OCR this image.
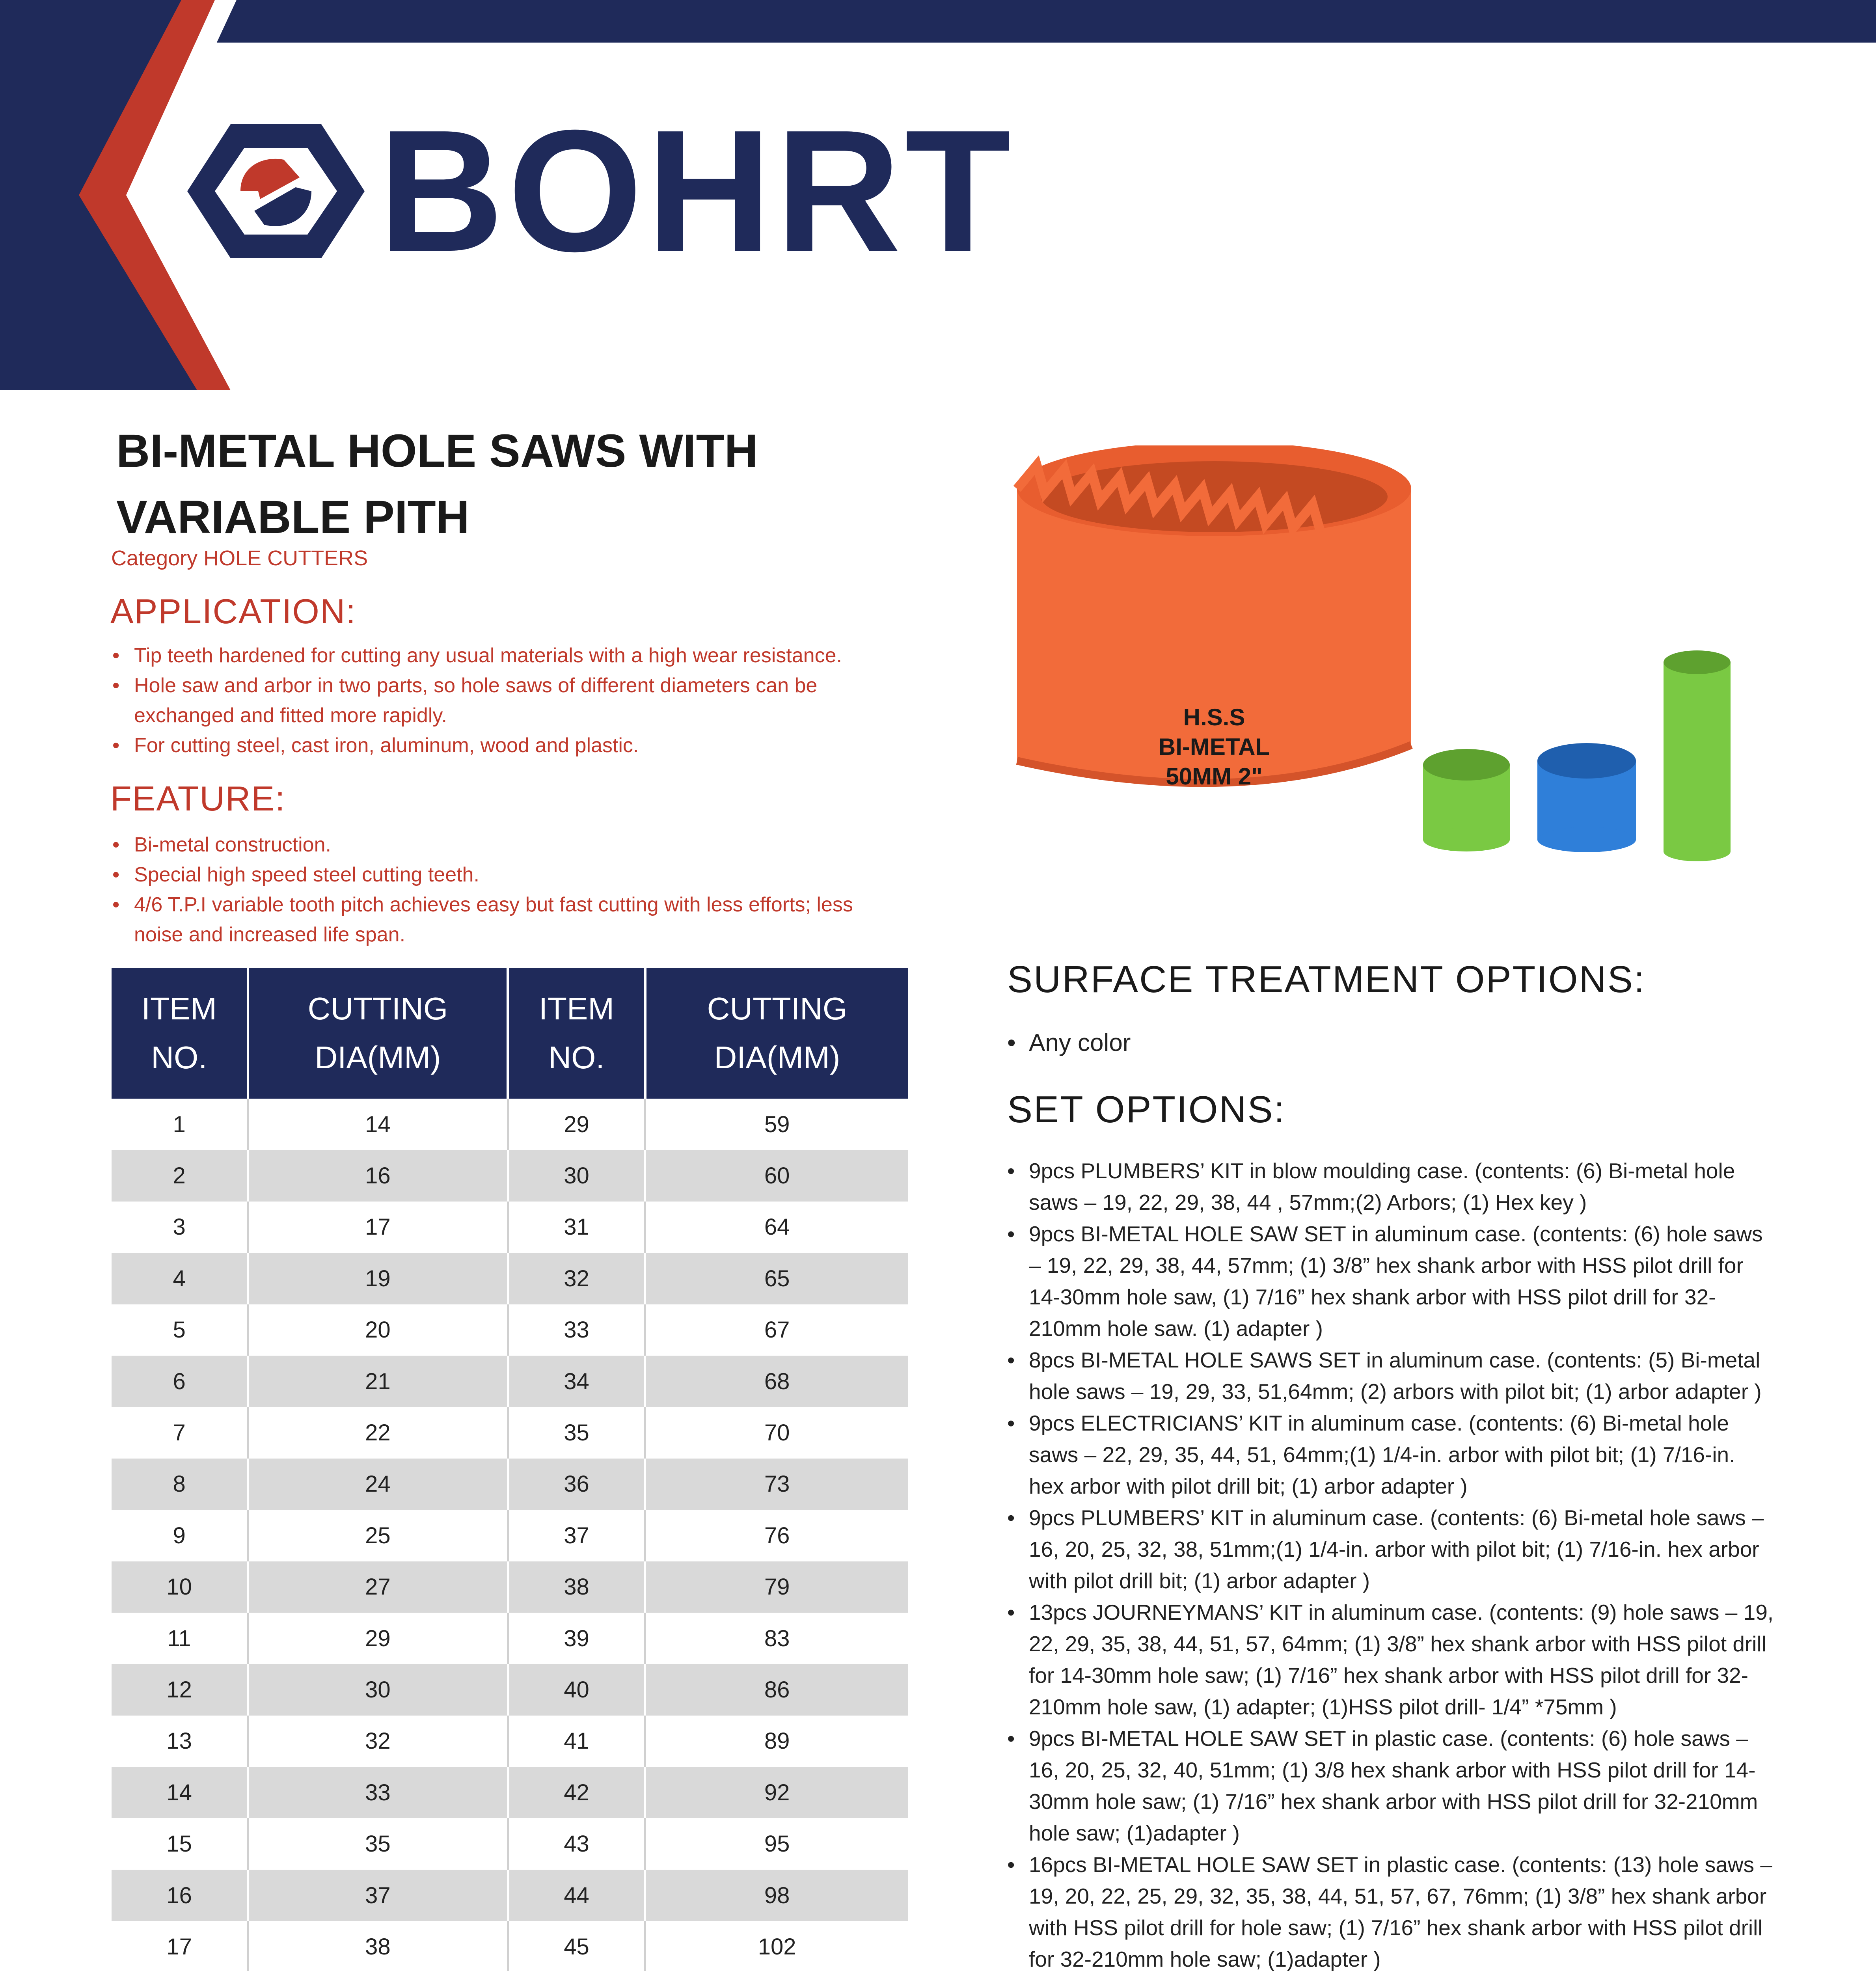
BOHRT
BI-METAL HOLE SAWS WITH VARIABLE PITH
Category HOLE CUTTERS
APPLICATION:
• Tip teeth hardened for cutting any usual materials with a high wear resistance.
• Hole saw and arbor in two parts, so hole saws of different diameters can be exchanged and fitted more rapidly.
• For cutting steel, cast iron, aluminum, wood and plastic.
FEATURE:
• Bi-metal construction.
• Special high speed steel cutting teeth.
• 4/6 T.P.I variable tooth pitch achieves easy but fast cutting with less efforts; less noise and increased life span.
ITEM
NO.	CUTTING
DIA(MM)	ITEM
NO.	CUTTING
DIA(MM)
1	14	29	59
2	16	30	60
3	17	31	64
4	19	32	65
5	20	33	67
6	21	34	68
7	22	35	70
8	24	36	73
9	25	37	76
10	27	38	79
11	29	39	83
12	30	40	86
13	32	41	89
14	33	42	92
15	35	43	95
16	37	44	98
17	38	45	102

H.S.S
BI-METAL
50MM 2"
SURFACE TREATMENT OPTIONS:
• Any color
SET OPTIONS:
• 9pcs PLUMBERS’ KIT in blow moulding case. (contents: (6) Bi-metal hole saws – 19, 22, 29, 38, 44 , 57mm;(2) Arbors; (1) Hex key )
• 9pcs BI-METAL HOLE SAW SET in aluminum case. (contents: (6) hole saws – 19, 22, 29, 38, 44, 57mm; (1) 3/8” hex shank arbor with HSS pilot drill for 14-30mm hole saw, (1) 7/16” hex shank arbor with HSS pilot drill for 32-210mm hole saw. (1) adapter )
• 8pcs BI-METAL HOLE SAWS SET in aluminum case. (contents: (5) Bi-metal hole saws – 19, 29, 33, 51,64mm; (2) arbors with pilot bit; (1) arbor adapter )
• 9pcs ELECTRICIANS’ KIT in aluminum case. (contents: (6) Bi-metal hole saws – 22, 29, 35, 44, 51, 64mm;(1) 1/4-in. arbor with pilot bit; (1) 7/16-in. hex arbor with pilot drill bit; (1) arbor adapter )
• 9pcs PLUMBERS’ KIT in aluminum case. (contents: (6) Bi-metal hole saws – 16, 20, 25, 32, 38, 51mm;(1) 1/4-in. arbor with pilot bit; (1) 7/16-in. hex arbor with pilot drill bit; (1) arbor adapter )
• 13pcs JOURNEYMANS’ KIT in aluminum case. (contents: (9) hole saws – 19, 22, 29, 35, 38, 44, 51, 57, 64mm; (1) 3/8” hex shank arbor with HSS pilot drill for 14-30mm hole saw; (1) 7/16” hex shank arbor with HSS pilot drill for 32-210mm hole saw, (1) adapter; (1)HSS pilot drill- 1/4” *75mm )
• 9pcs BI-METAL HOLE SAW SET in plastic case. (contents: (6) hole saws – 16, 20, 25, 32, 40, 51mm; (1) 3/8 hex shank arbor with HSS pilot drill for 14-30mm hole saw; (1) 7/16” hex shank arbor with HSS pilot drill for 32-210mm hole saw; (1)adapter )
• 16pcs BI-METAL HOLE SAW SET in plastic case. (contents: (13) hole saws – 19, 20, 22, 25, 29, 32, 35, 38, 44, 51, 57, 67, 76mm; (1) 3/8” hex shank arbor with HSS pilot drill for hole saw; (1) 7/16” hex shank arbor with HSS pilot drill for 32-210mm hole saw; (1)adapter )
